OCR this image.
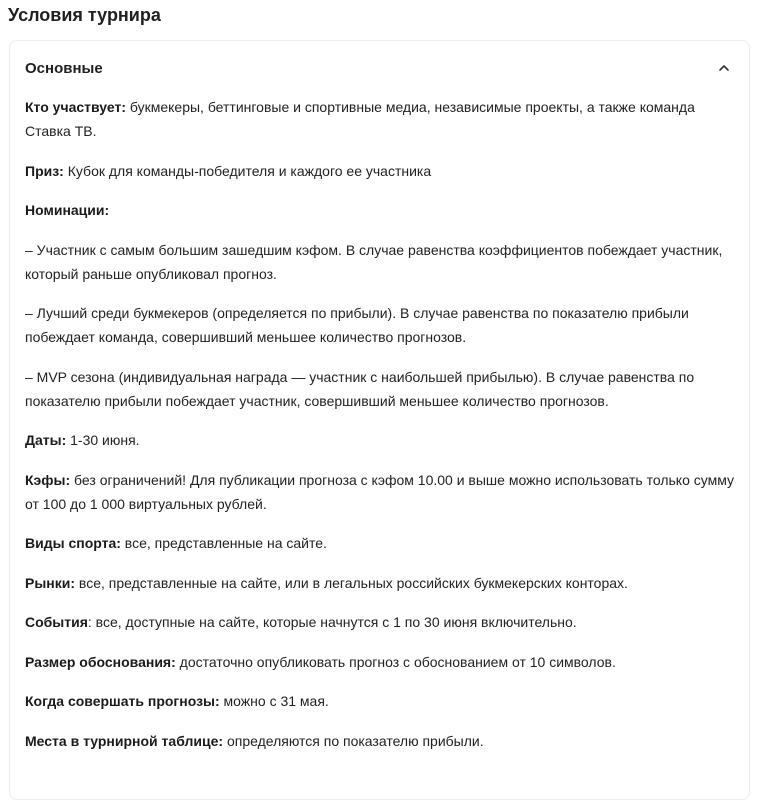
Условия турнира
Основные

Кто участвует: букмекеры, беттинговые и спортивные медиа, независимые проекты, а также команда Ставка ТВ.

Приз: Кубок для команды-победителя и каждого ее участника

Номинации:

– Участник с самым большим зашедшим кэфом. В случае равенства коэффициентов побеждает участник, который раньше опубликовал прогноз.

– Лучший среди букмекеров (определяется по прибыли). В случае равенства по показателю прибыли побеждает команда, совершивший меньшее количество прогнозов.

– MVP сезона (индивидуальная награда — участник с наибольшей прибылью). В случае равенства по показателю прибыли побеждает участник, совершивший меньшее количество прогнозов.

Даты: 1-30 июня.

Кэфы: без ограничений! Для публикации прогноза с кэфом 10.00 и выше можно использовать только сумму от 100 до 1 000 виртуальных рублей.

Виды спорта: все, представленные на сайте.

Рынки: все, представленные на сайте, или в легальных российских букмекерских конторах.

События: все, доступные на сайте, которые начнутся с 1 по 30 июня включительно.

Размер обоснования: достаточно опубликовать прогноз с обоснованием от 10 символов.

Когда совершать прогнозы: можно с 31 мая.

Места в турнирной таблице: определяются по показателю прибыли.
